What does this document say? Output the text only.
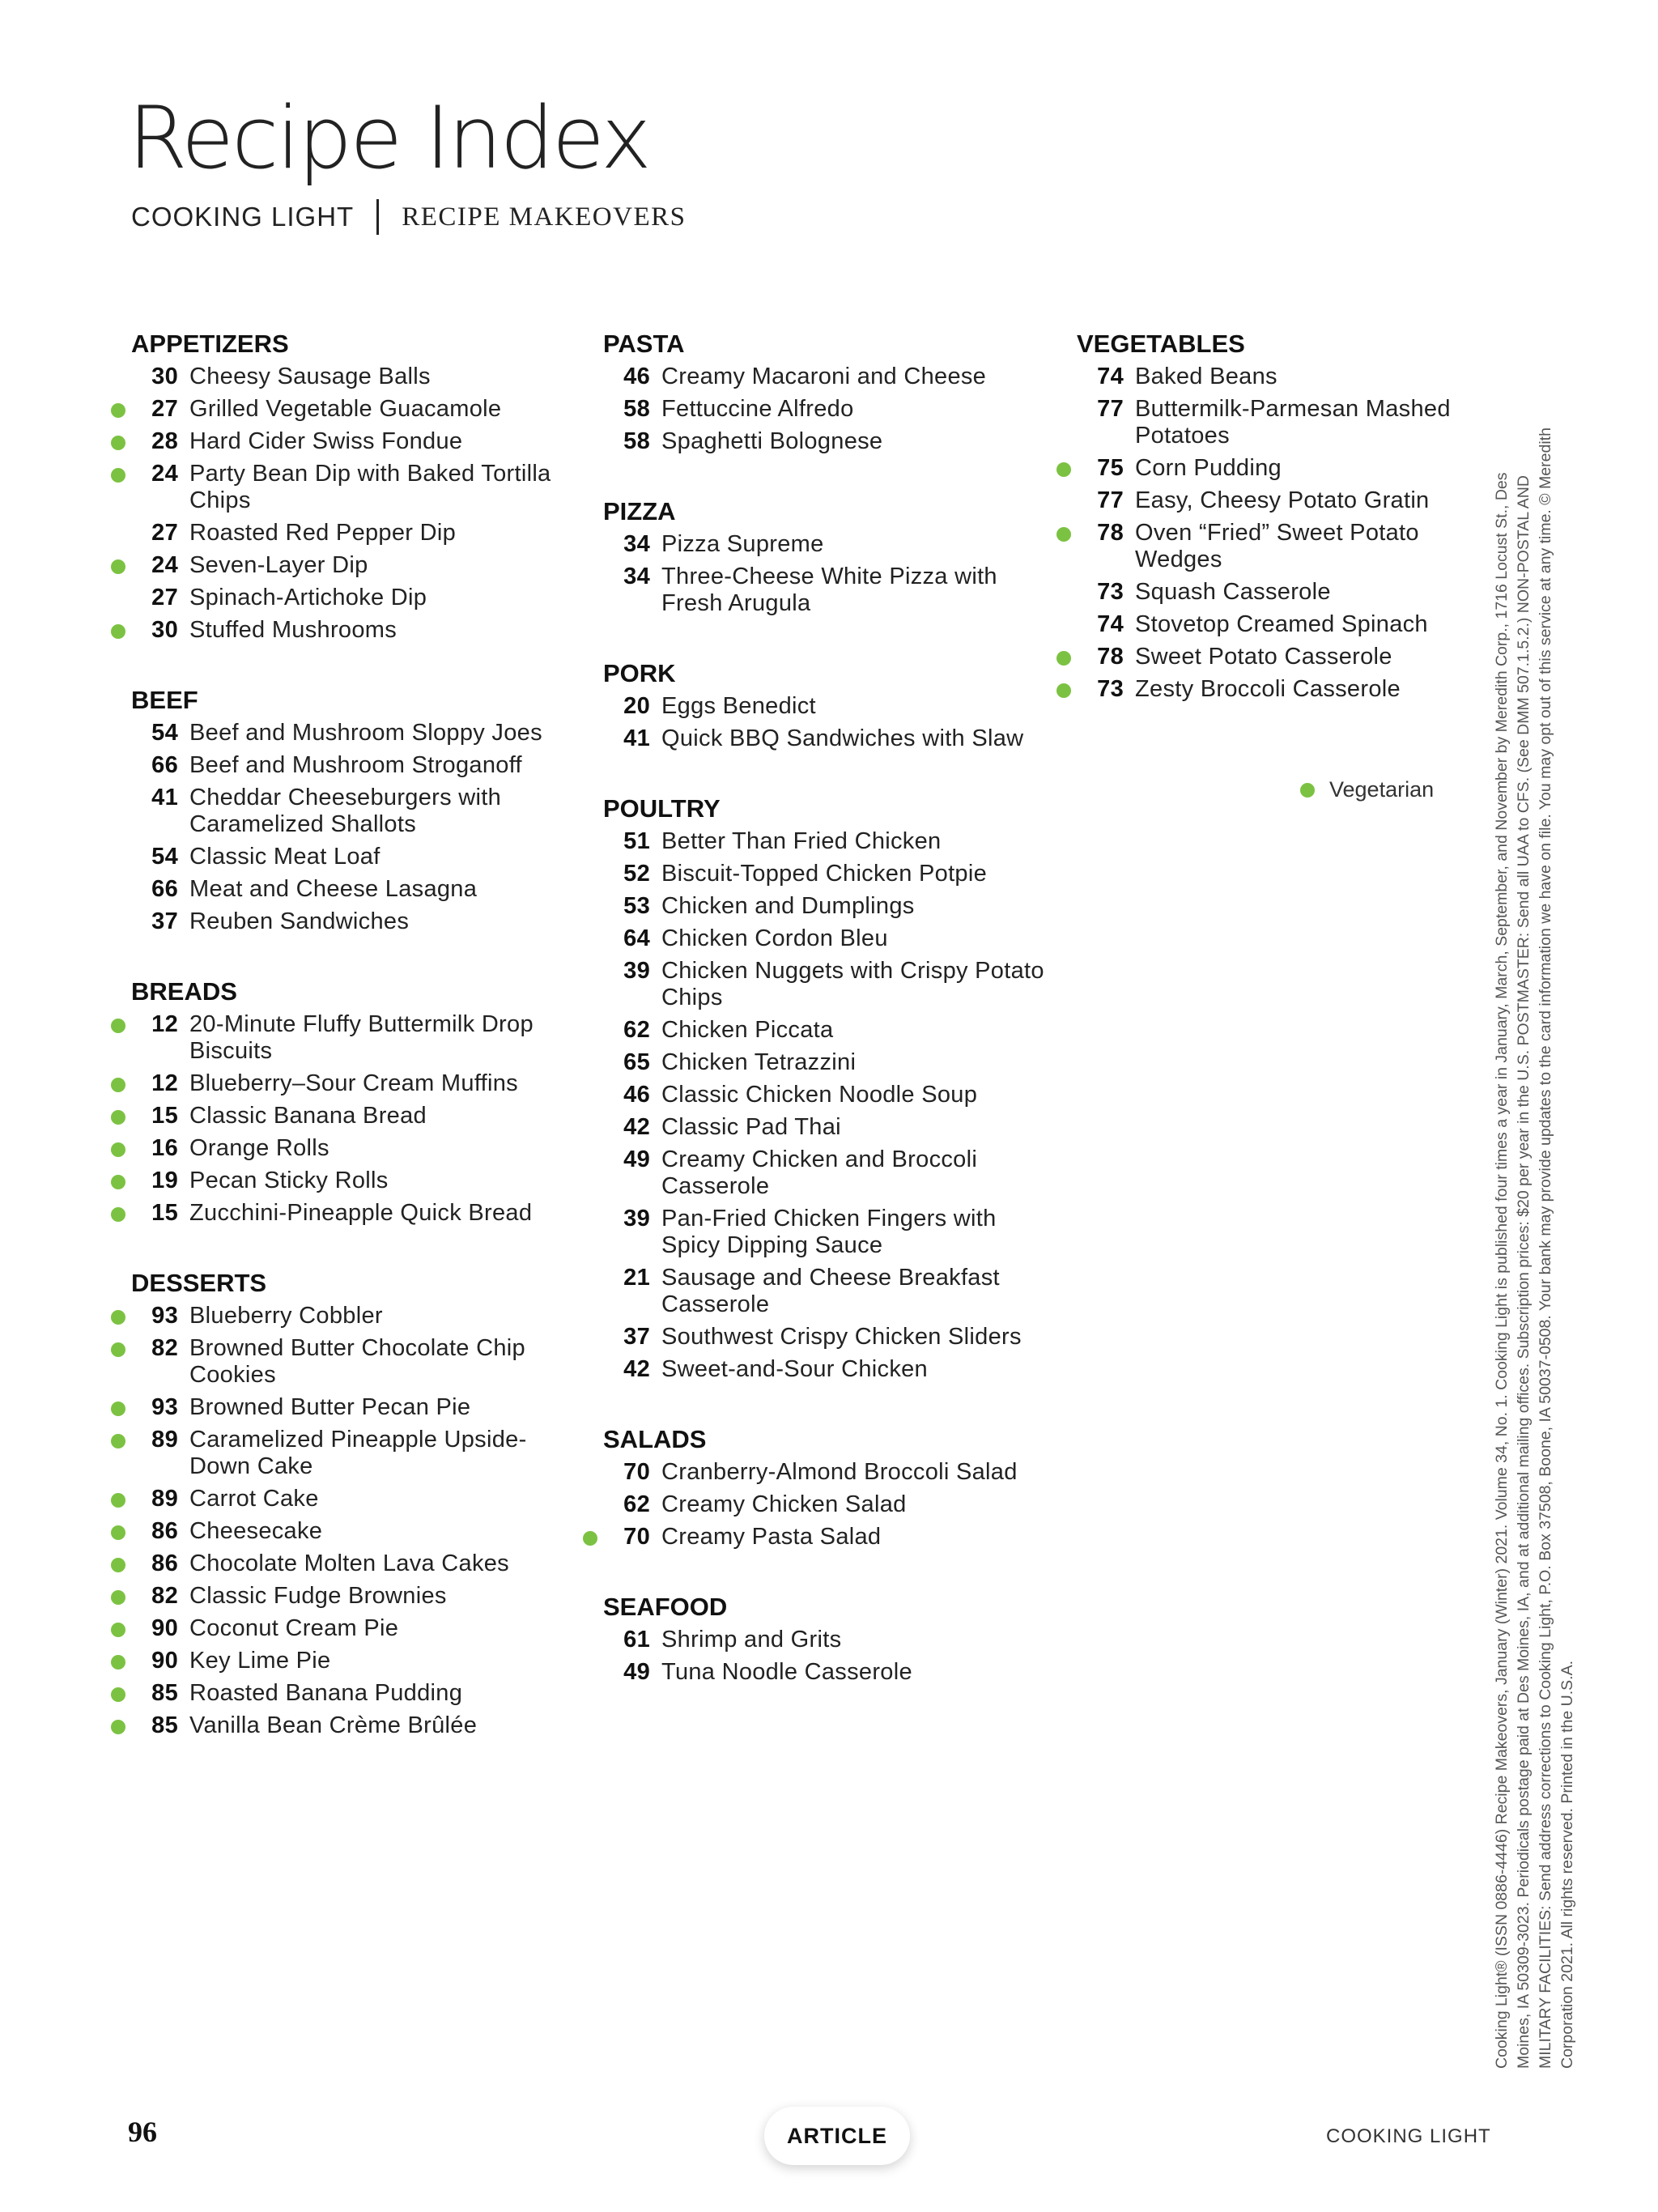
Recipe Index
COOKING LIGHT RECIPE MAKEOVERS
APPETIZERS
30 Cheesy Sausage Balls
27 Grilled Vegetable Guacamole
28 Hard Cider Swiss Fondue
24 Party Bean Dip with Baked Tortilla Chips
27 Roasted Red Pepper Dip
24 Seven-Layer Dip
27 Spinach-Artichoke Dip
30 Stuffed Mushrooms
BEEF
54 Beef and Mushroom Sloppy Joes
66 Beef and Mushroom Stroganoff
41 Cheddar Cheeseburgers with Caramelized Shallots
54 Classic Meat Loaf
66 Meat and Cheese Lasagna
37 Reuben Sandwiches
BREADS
12 20-Minute Fluffy Buttermilk Drop Biscuits
12 Blueberry–Sour Cream Muffins
15 Classic Banana Bread
16 Orange Rolls
19 Pecan Sticky Rolls
15 Zucchini-Pineapple Quick Bread
DESSERTS
93 Blueberry Cobbler
82 Browned Butter Chocolate Chip Cookies
93 Browned Butter Pecan Pie
89 Caramelized Pineapple Upside-Down Cake
89 Carrot Cake
86 Cheesecake
86 Chocolate Molten Lava Cakes
82 Classic Fudge Brownies
90 Coconut Cream Pie
90 Key Lime Pie
85 Roasted Banana Pudding
85 Vanilla Bean Crème Brûlée
PASTA
46 Creamy Macaroni and Cheese
58 Fettuccine Alfredo
58 Spaghetti Bolognese
PIZZA
34 Pizza Supreme
34 Three-Cheese White Pizza with Fresh Arugula
PORK
20 Eggs Benedict
41 Quick BBQ Sandwiches with Slaw
POULTRY
51 Better Than Fried Chicken
52 Biscuit-Topped Chicken Potpie
53 Chicken and Dumplings
64 Chicken Cordon Bleu
39 Chicken Nuggets with Crispy Potato Chips
62 Chicken Piccata
65 Chicken Tetrazzini
46 Classic Chicken Noodle Soup
42 Classic Pad Thai
49 Creamy Chicken and Broccoli Casserole
39 Pan-Fried Chicken Fingers with Spicy Dipping Sauce
21 Sausage and Cheese Breakfast Casserole
37 Southwest Crispy Chicken Sliders
42 Sweet-and-Sour Chicken
SALADS
70 Cranberry-Almond Broccoli Salad
62 Creamy Chicken Salad
70 Creamy Pasta Salad
SEAFOOD
61 Shrimp and Grits
49 Tuna Noodle Casserole
VEGETABLES
74 Baked Beans
77 Buttermilk-Parmesan Mashed Potatoes
75 Corn Pudding
77 Easy, Cheesy Potato Gratin
78 Oven “Fried” Sweet Potato Wedges
73 Squash Casserole
74 Stovetop Creamed Spinach
78 Sweet Potato Casserole
73 Zesty Broccoli Casserole
Vegetarian	Cooking Light® (ISSN 0886-4446) Recipe Makeovers, January (Winter) 2021. Volume 34, No. 1. Cooking Light is published four times a year in January, March, September, and November by Meredith Corp., 1716 Locust St., Des Moines, IA 50309-3023. Periodicals postage paid at Des Moines, IA, and at additional mailing offices. Subscription prices: $20 per year in the U.S. POSTMASTER: Send all UAA to CFS. (See DMM 507.1.5.2.) NON-POSTAL AND MILITARY FACILITIES: Send address corrections to Cooking Light, P.O. Box 37508, Boone, IA 50037-0508. Your bank may provide updates to the card information we have on file. You may opt out of this service at any time. © Meredith Corporation 2021. All rights reserved. Printed in the U.S.A.
96	ARTICLE	COOKING LIGHT
